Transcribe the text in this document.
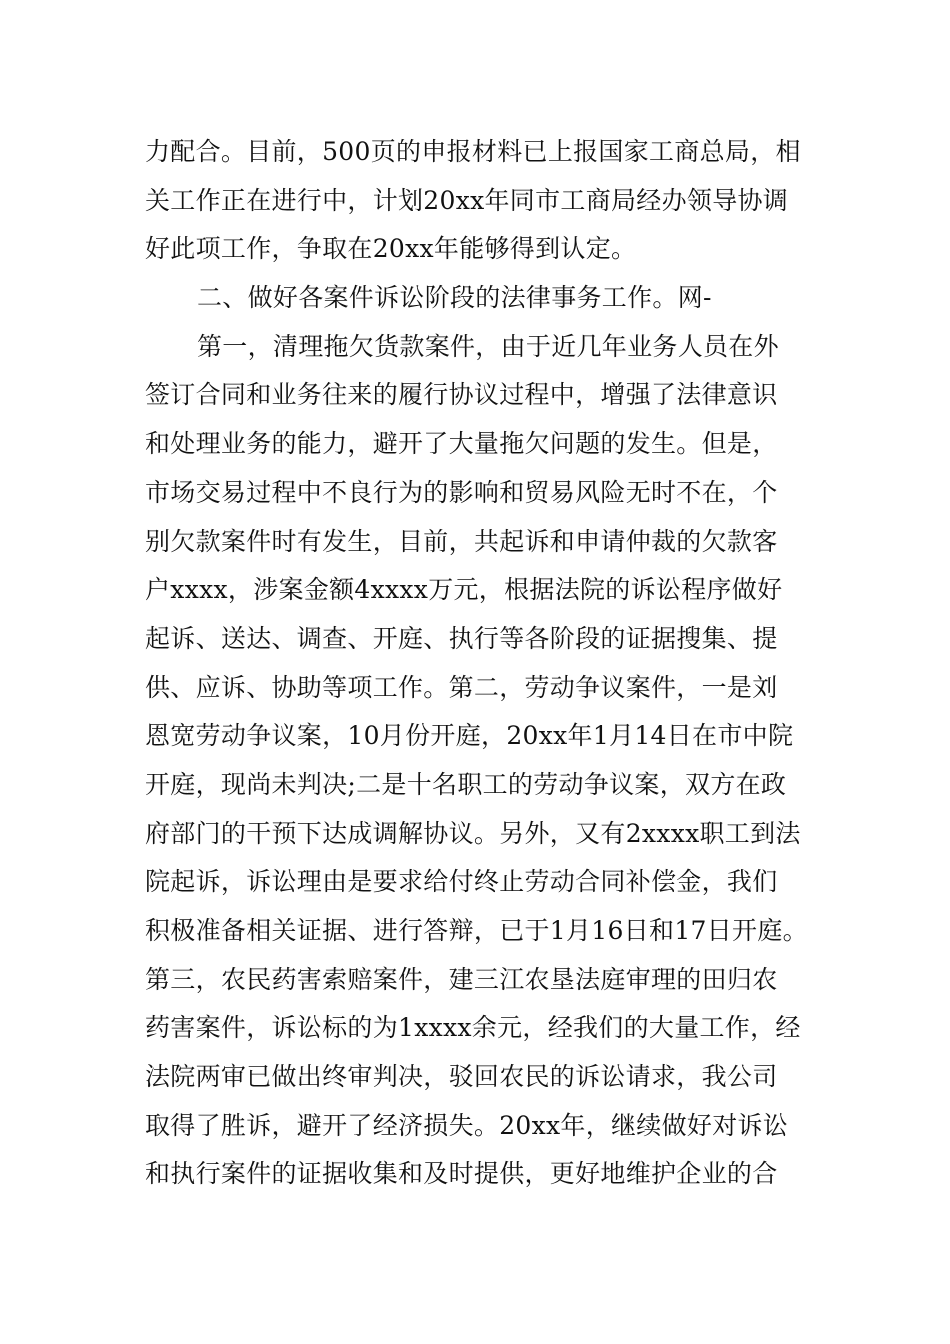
力配合。目前，500页的申报材料已上报国家工商总局，相
关工作正在进行中，计划20xx年同市工商局经办领导协调
好此项工作，争取在20xx年能够得到认定。
二、做好各案件诉讼阶段的法律事务工作。网-
第一，清理拖欠货款案件，由于近几年业务人员在外
签订合同和业务往来的履行协议过程中，增强了法律意识
和处理业务的能力，避开了大量拖欠问题的发生。但是，
市场交易过程中不良行为的影响和贸易风险无时不在，个
别欠款案件时有发生，目前，共起诉和申请仲裁的欠款客
户xxxx，涉案金额4xxxx万元，根据法院的诉讼程序做好
起诉、送达、调查、开庭、执行等各阶段的证据搜集、提
供、应诉、协助等项工作。第二，劳动争议案件，一是刘
恩宽劳动争议案，10月份开庭，20xx年1月14日在市中院
开庭，现尚未判决;二是十名职工的劳动争议案，双方在政
府部门的干预下达成调解协议。另外，又有2xxxx职工到法
院起诉，诉讼理由是要求给付终止劳动合同补偿金，我们
积极准备相关证据、进行答辩，已于1月16日和17日开庭。
第三，农民药害索赔案件，建三江农垦法庭审理的田归农
药害案件，诉讼标的为1xxxx余元，经我们的大量工作，经
法院两审已做出终审判决，驳回农民的诉讼请求，我公司
取得了胜诉，避开了经济损失。20xx年，继续做好对诉讼
和执行案件的证据收集和及时提供，更好地维护企业的合
